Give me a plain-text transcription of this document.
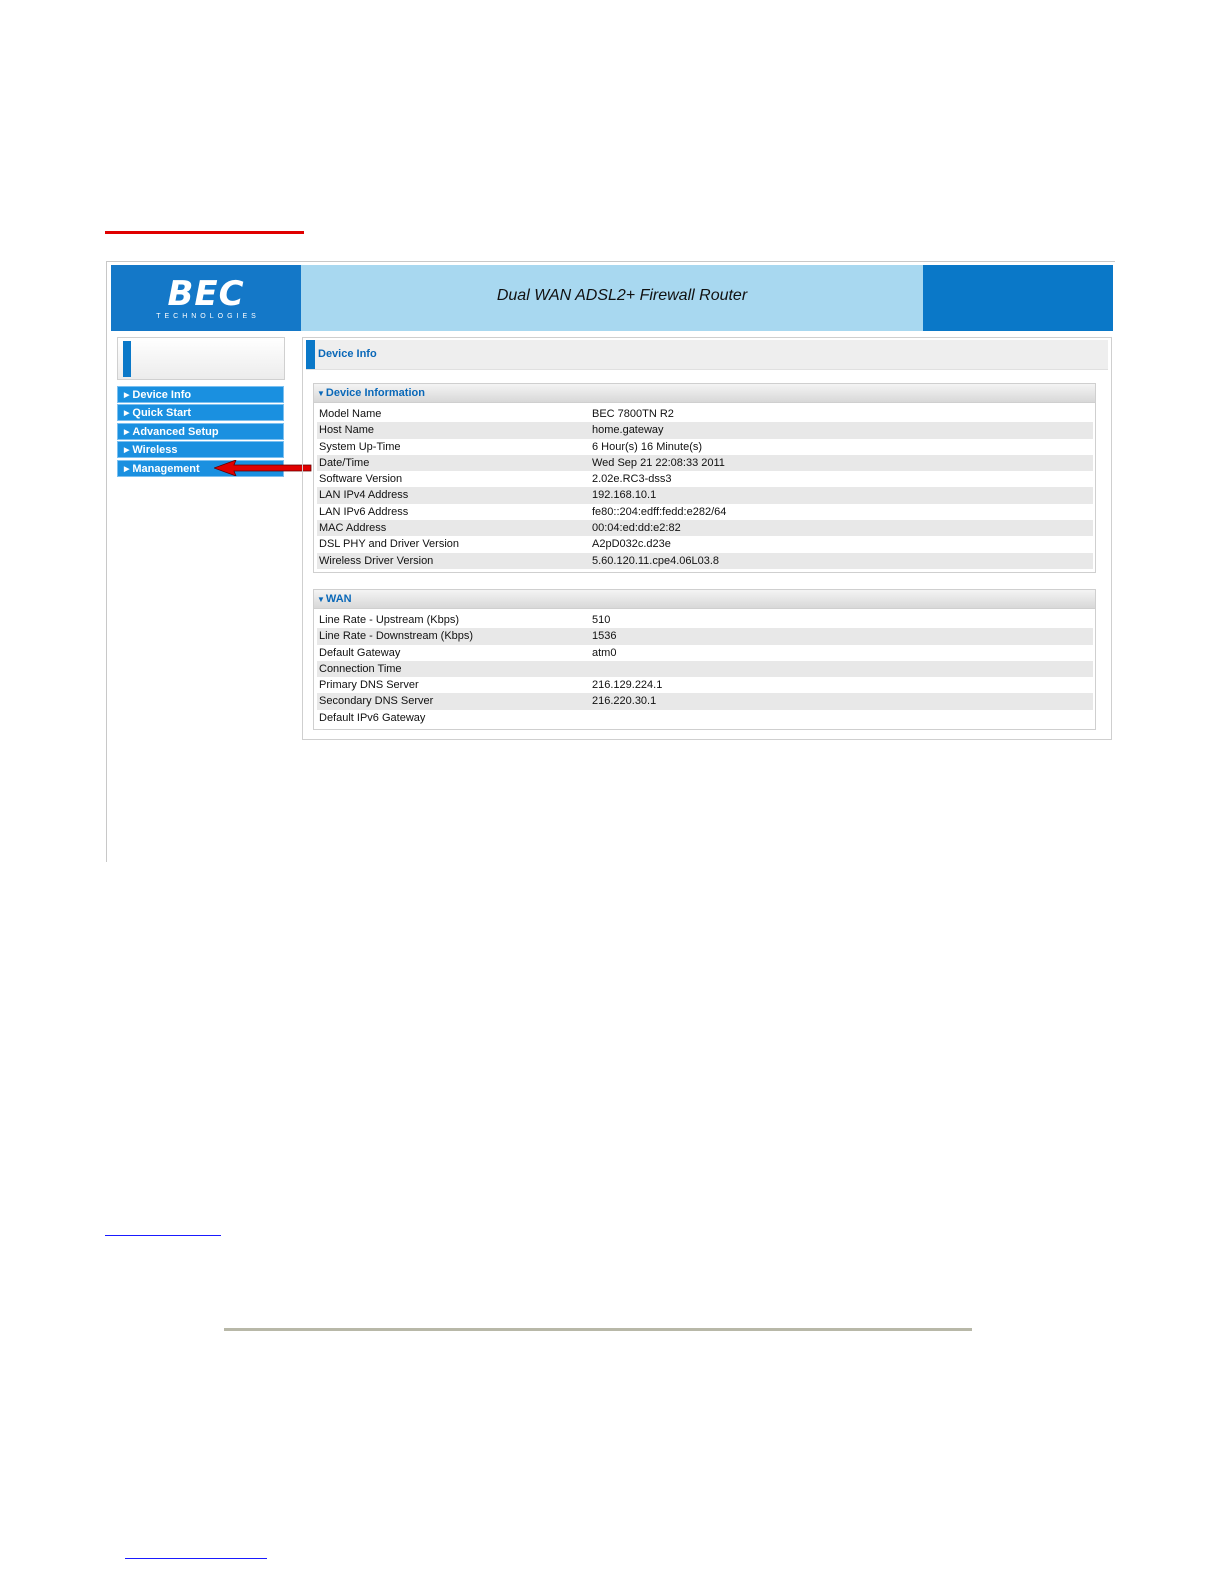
BEC
TECHNOLOGIES
Dual WAN ADSL2+ Firewall Router
▶ Device Info
▶ Quick Start
▶ Advanced Setup
▶ Wireless
▶ Management
Device Info
▼Device Information
Model Name	BEC 7800TN R2
Host Name	home.gateway
System Up-Time	6 Hour(s) 16 Minute(s)
Date/Time	Wed Sep 21 22:08:33 2011
Software Version	2.02e.RC3-dss3
LAN IPv4 Address	192.168.10.1
LAN IPv6 Address	fe80::204:edff:fedd:e282/64
MAC Address	00:04:ed:dd:e2:82
DSL PHY and Driver Version	A2pD032c.d23e
Wireless Driver Version	5.60.120.11.cpe4.06L03.8
▼WAN
Line Rate - Upstream (Kbps)	510
Line Rate - Downstream (Kbps)	1536
Default Gateway	atm0
Connection Time
Primary DNS Server	216.129.224.1
Secondary DNS Server	216.220.30.1
Default IPv6 Gateway
